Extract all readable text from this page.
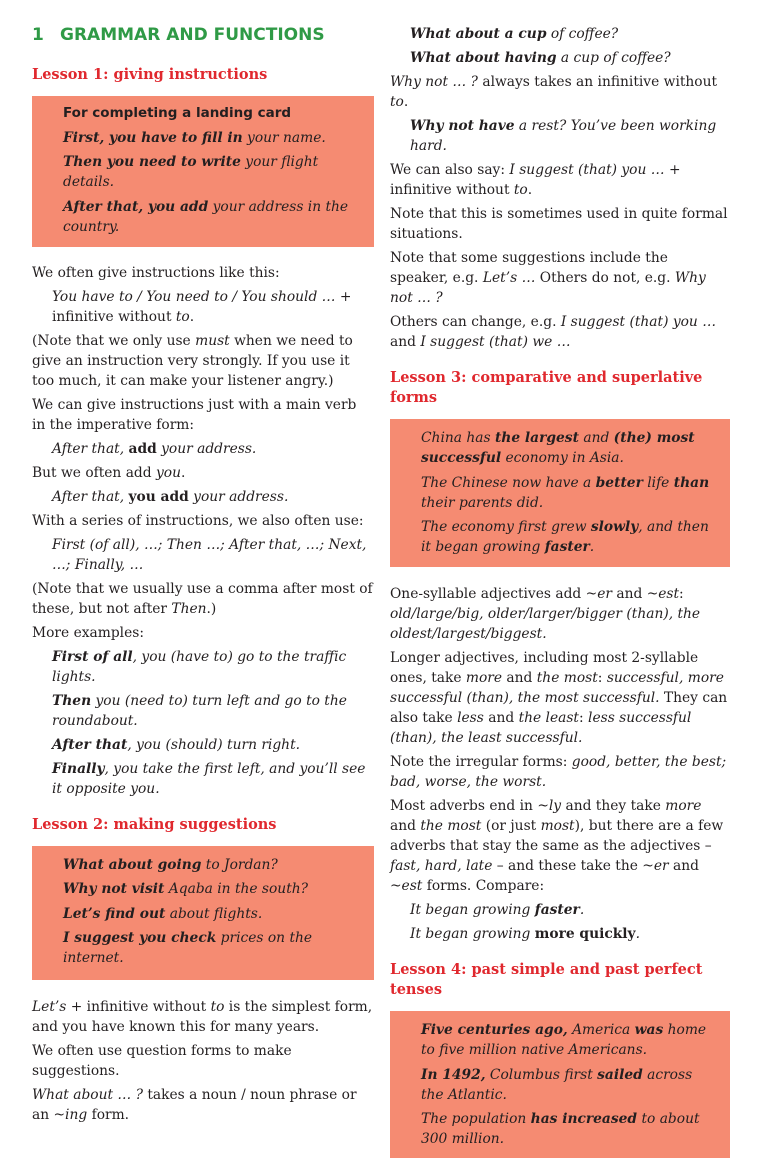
1 GRAMMAR AND FUNCTIONS
Lesson 1: giving instructions

For completing a landing card

First, you have to fill in your name.

Then you need to write your flight details.

After that, you add your address in the country.

We often give instructions like this:

You have to / You need to / You should … + infinitive without to.

(Note that we only use must when we need to give an instruction very strongly. If you use it too much, it can make your listener angry.)

We can give instructions just with a main verb in the imperative form:

After that, add your address.

But we often add you.

After that, you add your address.

With a series of instructions, we also often use:

First (of all), …; Then …; After that, …; Next, …; Finally, …

(Note that we usually use a comma after most of these, but not after Then.)

More examples:

First of all, you (have to) go to the traffic lights.

Then you (need to) turn left and go to the roundabout.

After that, you (should) turn right.

Finally, you take the first left, and you’ll see it opposite you.

Lesson 2: making suggestions

What about going to Jordan?

Why not visit Aqaba in the south?

Let’s find out about flights.

I suggest you check prices on the internet.

Let’s + infinitive without to is the simplest form, and you have known this for many years.

We often use question forms to make suggestions.

What about … ? takes a noun / noun phrase or an ~ing form.

What about a cup of coffee?

What about having a cup of coffee?

Why not … ? always takes an infinitive without to.

Why not have a rest? You’ve been working hard.

We can also say: I suggest (that) you … + infinitive without to.

Note that this is sometimes used in quite formal situations.

Note that some suggestions include the speaker, e.g. Let’s … Others do not, e.g. Why not … ?

Others can change, e.g. I suggest (that) you … and I suggest (that) we …

Lesson 3: comparative and superlative forms

China has the largest and (the) most successful economy in Asia.

The Chinese now have a better life than their parents did.

The economy first grew slowly, and then it began growing faster.

One-syllable adjectives add ~er and ~est: old/large/big, older/larger/bigger (than), the oldest/largest/biggest.

Longer adjectives, including most 2-syllable ones, take more and the most: successful, more successful (than), the most successful. They can also take less and the least: less successful (than), the least successful.

Note the irregular forms: good, better, the best; bad, worse, the worst.

Most adverbs end in ~ly and they take more and the most (or just most), but there are a few adverbs that stay the same as the adjectives – fast, hard, late – and these take the ~er and ~est forms. Compare:

It began growing faster.

It began growing more quickly.

Lesson 4: past simple and past perfect tenses

Five centuries ago, America was home to five million native Americans.

In 1492, Columbus first sailed across the Atlantic.

The population has increased to about 300 million.
